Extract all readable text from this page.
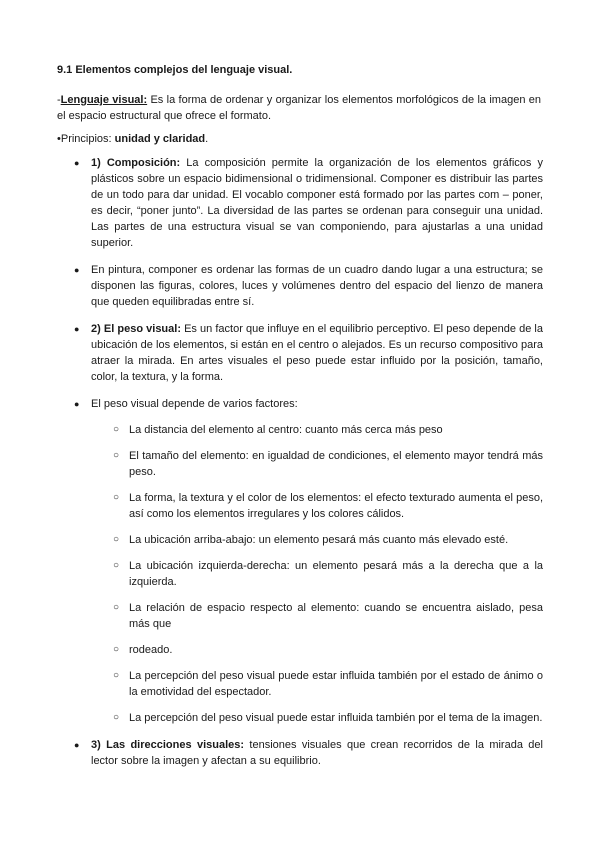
9.1 Elementos complejos del lenguaje visual.
-Lenguaje visual: Es la forma de ordenar y organizar los elementos morfológicos de la imagen en el espacio estructural que ofrece el formato.
•Principios: unidad y claridad.
● 1) Composición: La composición permite la organización de los elementos gráficos y plásticos sobre un espacio bidimensional o tridimensional. Componer es distribuir las partes de un todo para dar unidad. El vocablo componer está formado por las partes com – poner, es decir, “poner junto”. La diversidad de las partes se ordenan para conseguir una unidad. Las partes de una estructura visual se van componiendo, para ajustarlas a una unidad superior.
● En pintura, componer es ordenar las formas de un cuadro dando lugar a una estructura; se disponen las figuras, colores, luces y volúmenes dentro del espacio del lienzo de manera que queden equilibradas entre sí.
● 2) El peso visual: Es un factor que influye en el equilibrio perceptivo. El peso depende de la ubicación de los elementos, si están en el centro o alejados. Es un recurso compositivo para atraer la mirada. En artes visuales el peso puede estar influido por la posición, tamaño, color, la textura, y la forma.
● El peso visual depende de varios factores:
○ La distancia del elemento al centro: cuanto más cerca más peso
○ El tamaño del elemento: en igualdad de condiciones, el elemento mayor tendrá más peso.
○ La forma, la textura y el color de los elementos: el efecto texturado aumenta el peso, así como los elementos irregulares y los colores cálidos.
○ La ubicación arriba-abajo: un elemento pesará más cuanto más elevado esté.
○ La ubicación izquierda-derecha: un elemento pesará más a la derecha que a la izquierda.
○ La relación de espacio respecto al elemento: cuando se encuentra aislado, pesa más que
○ rodeado.
○ La percepción del peso visual puede estar influida también por el estado de ánimo o la emotividad del espectador.
○ La percepción del peso visual puede estar influida también por el tema de la imagen.
● 3) Las direcciones visuales: tensiones visuales que crean recorridos de la mirada del lector sobre la imagen y afectan a su equilibrio.
